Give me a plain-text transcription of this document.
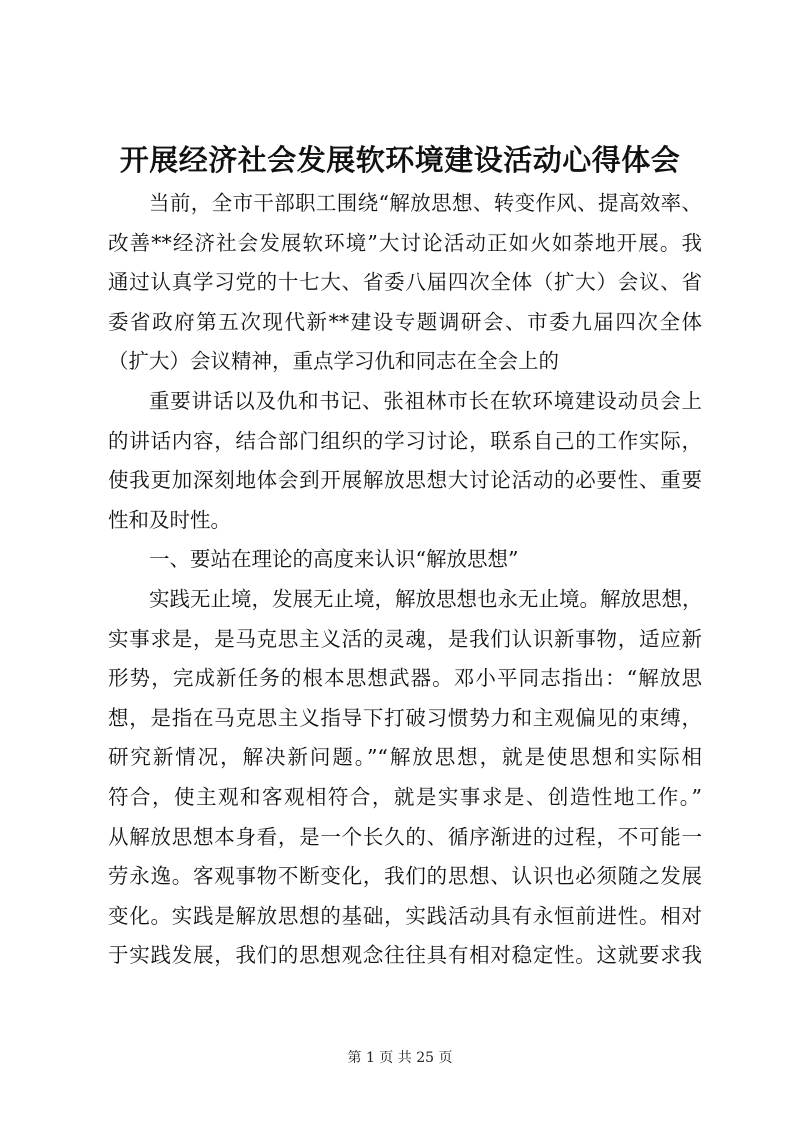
开展经济社会发展软环境建设活动心得体会
当前，全市干部职工围绕“解放思想、转变作风、提高效率、
改善**经济社会发展软环境”大讨论活动正如火如荼地开展。我
通过认真学习党的十七大、省委八届四次全体（扩大）会议、省
委省政府第五次现代新**建设专题调研会、市委九届四次全体
（扩大）会议精神，重点学习仇和同志在全会上的
重要讲话以及仇和书记、张祖林市长在软环境建设动员会上
的讲话内容，结合部门组织的学习讨论，联系自己的工作实际，
使我更加深刻地体会到开展解放思想大讨论活动的必要性、重要
性和及时性。
一、要站在理论的高度来认识“解放思想”
实践无止境，发展无止境，解放思想也永无止境。解放思想，
实事求是，是马克思主义活的灵魂，是我们认识新事物，适应新
形势，完成新任务的根本思想武器。邓小平同志指出：“解放思
想，是指在马克思主义指导下打破习惯势力和主观偏见的束缚，
研究新情况，解决新问题。”“解放思想，就是使思想和实际相
符合，使主观和客观相符合，就是实事求是、创造性地工作。”
从解放思想本身看，是一个长久的、循序渐进的过程，不可能一
劳永逸。客观事物不断变化，我们的思想、认识也必须随之发展
变化。实践是解放思想的基础，实践活动具有永恒前进性。相对
于实践发展，我们的思想观念往往具有相对稳定性。这就要求我
第 1 页 共 25 页
